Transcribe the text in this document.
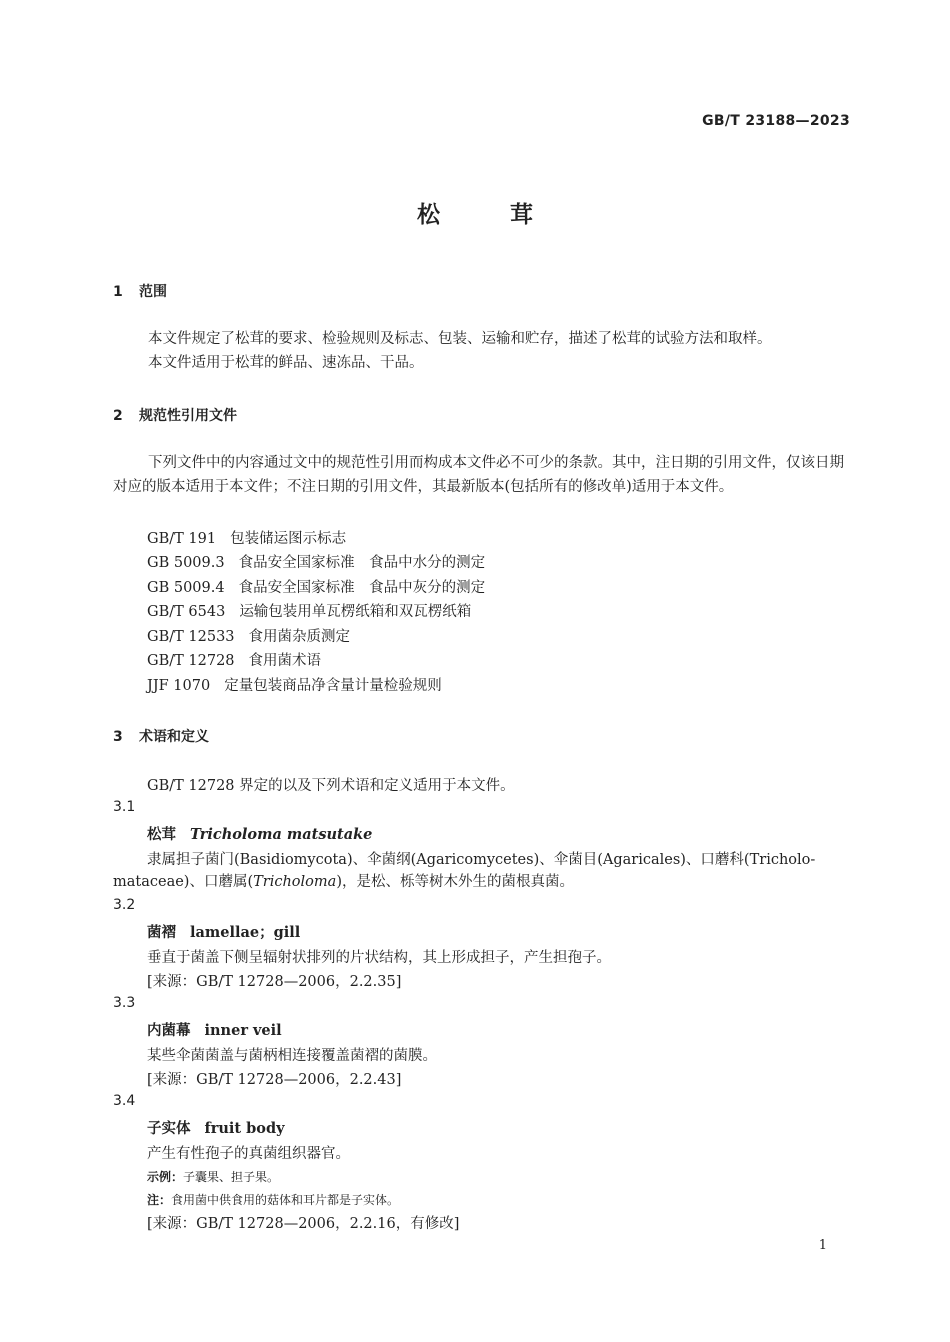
GB/T 23188—2023
松	茸
1 范围
本文件规定了松茸的要求、检验规则及标志、包装、运输和贮存，描述了松茸的试验方法和取样。
本文件适用于松茸的鲜品、速冻品、干品。
2 规范性引用文件
下列文件中的内容通过文中的规范性引用而构成本文件必不可少的条款。其中，注日期的引用文件，仅该日期对应的版本适用于本文件；不注日期的引用文件，其最新版本(包括所有的修改单)适用于本文件。
GB/T 191 包装储运图示标志
GB 5009.3 食品安全国家标准　食品中水分的测定
GB 5009.4 食品安全国家标准　食品中灰分的测定
GB/T 6543 运输包装用单瓦楞纸箱和双瓦楞纸箱
GB/T 12533 食用菌杂质测定
GB/T 12728 食用菌术语
JJF 1070 定量包装商品净含量计量检验规则
3 术语和定义
GB/T 12728 界定的以及下列术语和定义适用于本文件。
3.1
松茸 Tricholoma matsutake
隶属担子菌门(Basidiomycota)、伞菌纲(Agaricomycetes)、伞菌目(Agaricales)、口蘑科(Tricholo-
mataceae)、口蘑属(Tricholoma)，是松、栎等树木外生的菌根真菌。
3.2
菌褶 lamellae；gill
垂直于菌盖下侧呈辐射状排列的片状结构，其上形成担子，产生担孢子。
[来源：GB/T 12728—2006，2.2.35]
3.3
内菌幕 inner veil
某些伞菌菌盖与菌柄相连接覆盖菌褶的菌膜。
[来源：GB/T 12728—2006，2.2.43]
3.4
子实体 fruit body
产生有性孢子的真菌组织器官。
示例：子囊果、担子果。
注：食用菌中供食用的菇体和耳片都是子实体。
[来源：GB/T 12728—2006，2.2.16，有修改]
1
